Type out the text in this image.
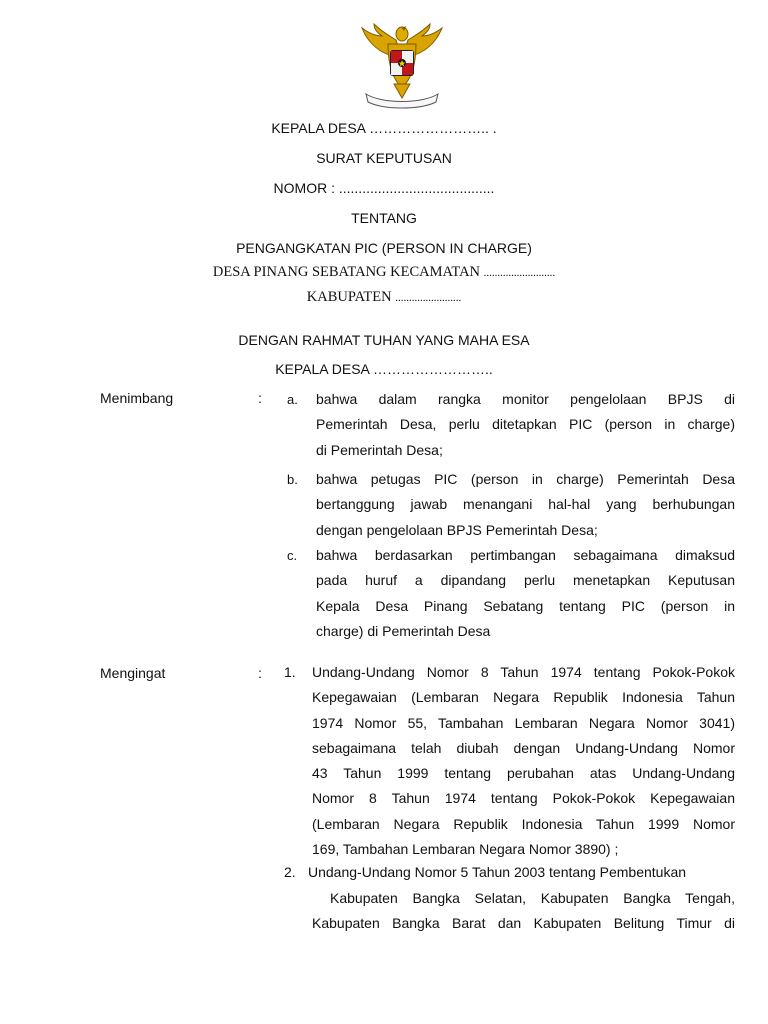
KEPALA DESA …………………….. .
SURAT KEPUTUSAN
NOMOR : ........................................
TENTANG
PENGANGKATAN PIC (PERSON IN CHARGE)
DESA PINANG SEBATANG KECAMATAN ..........................
KABUPATEN ........................
DENGAN RAHMAT TUHAN YANG MAHA ESA
KEPALA DESA ……………………..
Menimbang	: a. bahwa dalam rangka monitor pengelolaan BPJS di
Pemerintah Desa, perlu ditetapkan PIC (person in charge)
di Pemerintah Desa;
b. bahwa petugas PIC (person in charge) Pemerintah Desa
bertanggung jawab menangani hal-hal yang berhubungan
dengan pengelolaan BPJS Pemerintah Desa;
c. bahwa berdasarkan pertimbangan sebagaimana dimaksud
pada huruf a dipandang perlu menetapkan Keputusan
Kepala Desa Pinang Sebatang tentang PIC (person in
charge) di Pemerintah Desa
Mengingat	: 1. Undang-Undang Nomor 8 Tahun 1974 tentang Pokok-Pokok
Kepegawaian (Lembaran Negara Republik Indonesia Tahun
1974 Nomor 55, Tambahan Lembaran Negara Nomor 3041)
sebagaimana telah diubah dengan Undang-Undang Nomor
43 Tahun 1999 tentang perubahan atas Undang-Undang
Nomor 8 Tahun 1974 tentang Pokok-Pokok Kepegawaian
(Lembaran Negara Republik Indonesia Tahun 1999 Nomor
169, Tambahan Lembaran Negara Nomor 3890) ;
2. Undang-Undang Nomor 5 Tahun 2003 tentang Pembentukan
Kabupaten Bangka Selatan, Kabupaten Bangka Tengah,
Kabupaten Bangka Barat dan Kabupaten Belitung Timur di
